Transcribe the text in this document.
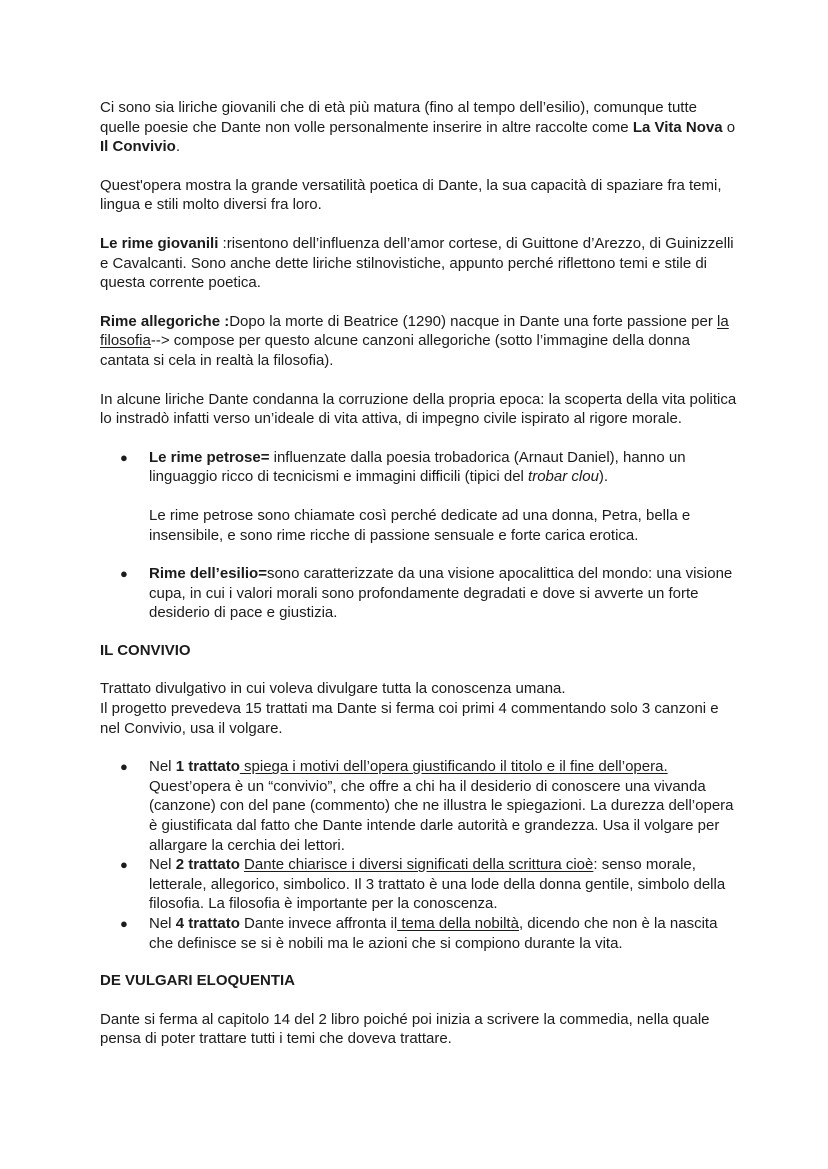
Ci sono sia liriche giovanili che di età più matura (fino al tempo dell’esilio), comunque tutte quelle poesie che Dante non volle personalmente inserire in altre raccolte come La Vita Nova o Il Convivio.

Quest'opera mostra la grande versatilità poetica di Dante, la sua capacità di spaziare fra temi, lingua e stili molto diversi fra loro.

Le rime giovanili :risentono dell’influenza dell’amor cortese, di Guittone d’Arezzo, di Guinizzelli e Cavalcanti. Sono anche dette liriche stilnovistiche, appunto perché riflettono temi e stile di questa corrente poetica.

Rime allegoriche :Dopo la morte di Beatrice (1290) nacque in Dante una forte passione per la filosofia--> compose per questo alcune canzoni allegoriche (sotto l’immagine della donna cantata si cela in realtà la filosofia).

In alcune liriche Dante condanna la corruzione della propria epoca: la scoperta della vita politica lo instradò infatti verso un’ideale di vita attiva, di impegno civile ispirato al rigore morale.

● Le rime petrose= influenzate dalla poesia trobadorica (Arnaut Daniel), hanno un linguaggio ricco di tecnicismi e immagini difficili (tipici del trobar clou).

Le rime petrose sono chiamate così perché dedicate ad una donna, Petra, bella e insensibile, e sono rime ricche di passione sensuale e forte carica erotica.

● Rime dell’esilio=sono caratterizzate da una visione apocalittica del mondo: una visione cupa, in cui i valori morali sono profondamente degradati e dove si avverte un forte desiderio di pace e giustizia.
IL CONVIVIO

Trattato divulgativo in cui voleva divulgare tutta la conoscenza umana.

Il progetto prevedeva 15 trattati ma Dante si ferma coi primi 4 commentando solo 3 canzoni e nel Convivio, usa il volgare.

● Nel 1 trattato spiega i motivi dell’opera giustificando il titolo e il fine dell’opera. Quest’opera è un “convivio”, che offre a chi ha il desiderio di conoscere una vivanda (canzone) con del pane (commento) che ne illustra le spiegazioni. La durezza dell’opera è giustificata dal fatto che Dante intende darle autorità e grandezza. Usa il volgare per allargare la cerchia dei lettori.
● Nel 2 trattato Dante chiarisce i diversi significati della scrittura cioè: senso morale, letterale, allegorico, simbolico. Il 3 trattato è una lode della donna gentile, simbolo della filosofia. La filosofia è importante per la conoscenza.
● Nel 4 trattato Dante invece affronta il tema della nobiltà, dicendo che non è la nascita che definisce se si è nobili ma le azioni che si compiono durante la vita.
DE VULGARI ELOQUENTIA

Dante si ferma al capitolo 14 del 2 libro poiché poi inizia a scrivere la commedia, nella quale pensa di poter trattare tutti i temi che doveva trattare.
